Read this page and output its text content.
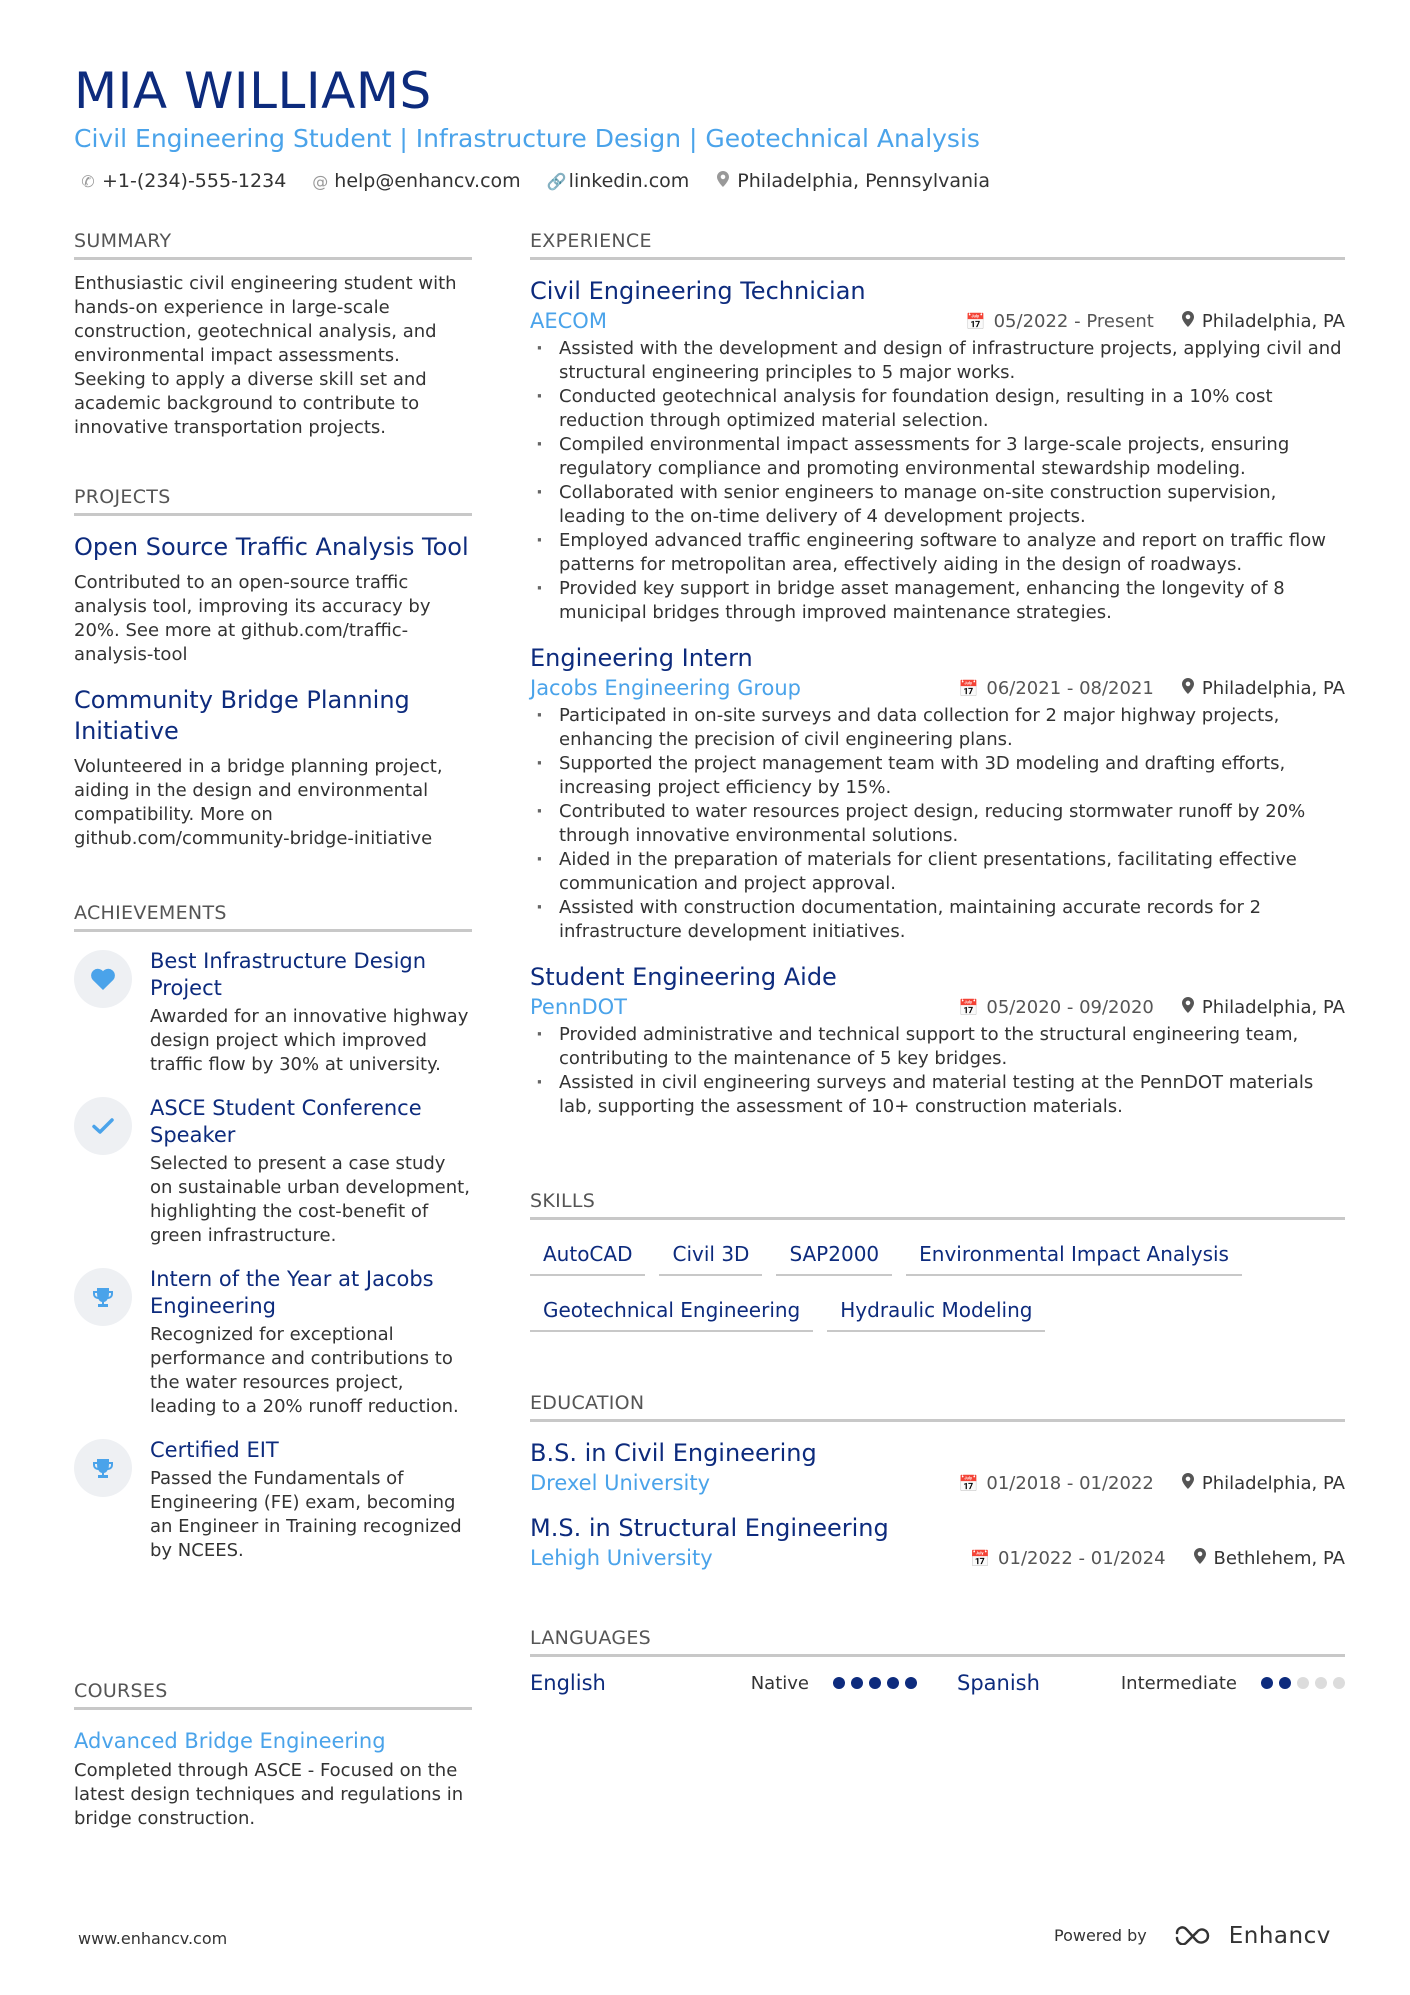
MIA WILLIAMS
Civil Engineering Student | Infrastructure Design | Geotechnical Analysis
✆ +1-(234)-555-1234 @ help@enhancv.com 🔗 linkedin.com	Philadelphia, Pennsylvania
SUMMARY
Enthusiastic civil engineering student with hands-on experience in large-scale construction, geotechnical analysis, and environmental impact assessments. Seeking to apply a diverse skill set and academic background to contribute to innovative transportation projects.
PROJECTS
Open Source Traffic Analysis Tool
Contributed to an open-source traffic analysis tool, improving its accuracy by 20%. See more at github.com/traffic-analysis-tool
Community Bridge Planning Initiative
Volunteered in a bridge planning project, aiding in the design and environmental compatibility. More on github.com/community-bridge-initiative
ACHIEVEMENTS
Best Infrastructure Design Project
Awarded for an innovative highway design project which improved traffic flow by 30% at university.
ASCE Student Conference Speaker
Selected to present a case study on sustainable urban development, highlighting the cost-benefit of green infrastructure.
Intern of the Year at Jacobs Engineering
Recognized for exceptional performance and contributions to the water resources project, leading to a 20% runoff reduction.
Certified EIT
Passed the Fundamentals of Engineering (FE) exam, becoming an Engineer in Training recognized by NCEES.
COURSES
Advanced Bridge Engineering
Completed through ASCE - Focused on the latest design techniques and regulations in bridge construction.
EXPERIENCE
Civil Engineering Technician
AECOM	📅 05/2022 - Present	Philadelphia, PA
· Assisted with the development and design of infrastructure projects, applying civil and structural engineering principles to 5 major works.
· Conducted geotechnical analysis for foundation design, resulting in a 10% cost reduction through optimized material selection.
· Compiled environmental impact assessments for 3 large-scale projects, ensuring regulatory compliance and promoting environmental stewardship modeling.
· Collaborated with senior engineers to manage on-site construction supervision, leading to the on-time delivery of 4 development projects.
· Employed advanced traffic engineering software to analyze and report on traffic flow patterns for metropolitan area, effectively aiding in the design of roadways.
· Provided key support in bridge asset management, enhancing the longevity of 8 municipal bridges through improved maintenance strategies.
Engineering Intern
Jacobs Engineering Group	📅 06/2021 - 08/2021	Philadelphia, PA
· Participated in on-site surveys and data collection for 2 major highway projects, enhancing the precision of civil engineering plans.
· Supported the project management team with 3D modeling and drafting efforts, increasing project efficiency by 15%.
· Contributed to water resources project design, reducing stormwater runoff by 20% through innovative environmental solutions.
· Aided in the preparation of materials for client presentations, facilitating effective communication and project approval.
· Assisted with construction documentation, maintaining accurate records for 2 infrastructure development initiatives.
Student Engineering Aide
PennDOT	📅 05/2020 - 09/2020	Philadelphia, PA
· Provided administrative and technical support to the structural engineering team, contributing to the maintenance of 5 key bridges.
· Assisted in civil engineering surveys and material testing at the PennDOT materials lab, supporting the assessment of 10+ construction materials.
SKILLS
AutoCAD	Civil 3D	SAP2000	Environmental Impact Analysis
Geotechnical Engineering	Hydraulic Modeling
EDUCATION
B.S. in Civil Engineering
Drexel University	📅 01/2018 - 01/2022	Philadelphia, PA
M.S. in Structural Engineering
Lehigh University	📅 01/2022 - 01/2024	Bethlehem, PA
LANGUAGES
English	Native	Spanish	Intermediate
www.enhancv.com	Powered by	Enhancv
